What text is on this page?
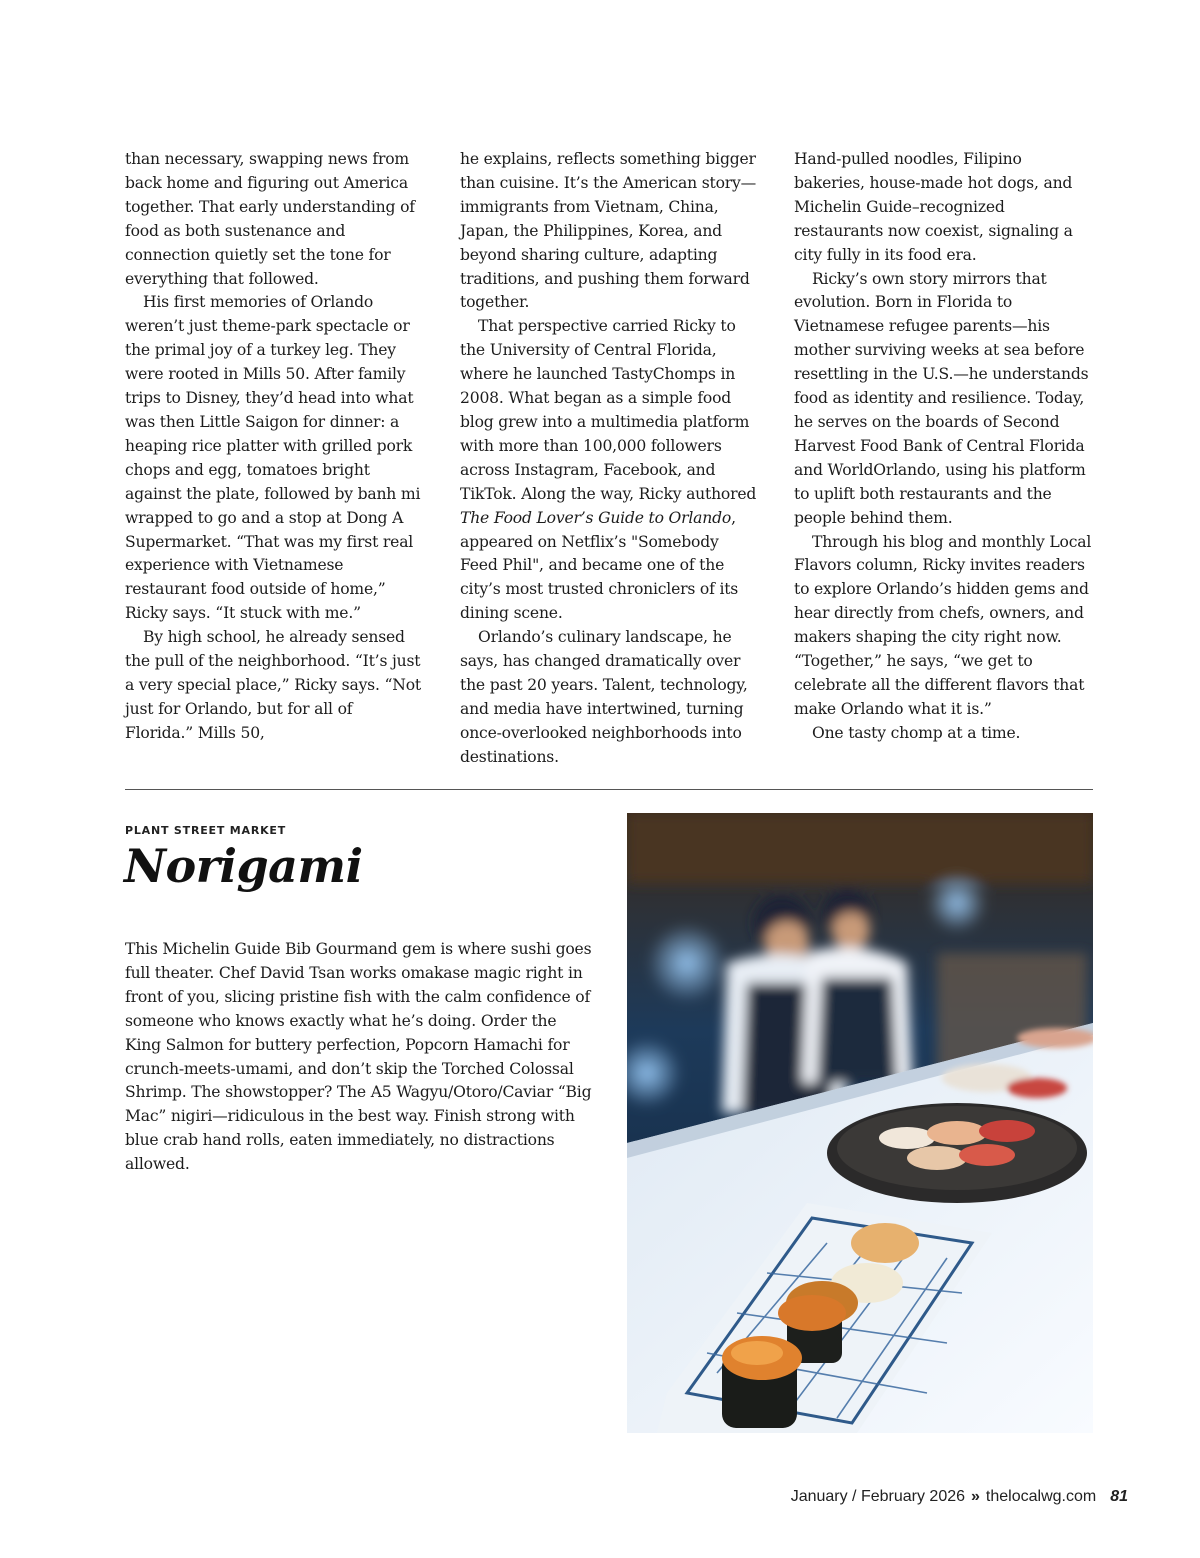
than necessary, swapping news from back home and figuring out America together. That early understanding of food as both sustenance and connection quietly set the tone for everything that followed.

His first memories of Orlando weren’t just theme-park spectacle or the primal joy of a turkey leg. They were rooted in Mills 50. After family trips to Disney, they’d head into what was then Little Saigon for dinner: a heaping rice platter with grilled pork chops and egg, tomatoes bright against the plate, followed by banh mi wrapped to go and a stop at Dong A Supermarket. “That was my first real experience with Vietnamese restaurant food outside of home,” Ricky says. “It stuck with me.”

By high school, he already sensed the pull of the neighborhood. “It’s just a very special place,” Ricky says. “Not just for Orlando, but for all of Florida.” Mills 50,

he explains, reflects something bigger than cuisine. It’s the American story—immigrants from Vietnam, China, Japan, the Philippines, Korea, and beyond sharing culture, adapting traditions, and pushing them forward together.

That perspective carried Ricky to the University of Central Florida, where he launched TastyChomps in 2008. What began as a simple food blog grew into a multimedia platform with more than 100,000 followers across Instagram, Facebook, and TikTok. Along the way, Ricky authored The Food Lover’s Guide to Orlando, appeared on Netflix’s "Somebody Feed Phil", and became one of the city’s most trusted chroniclers of its dining scene.

Orlando’s culinary landscape, he says, has changed dramatically over the past 20 years. Talent, technology, and media have intertwined, turning once-overlooked neighborhoods into destinations.

Hand-pulled noodles, Filipino bakeries, house-made hot dogs, and Michelin Guide–recognized restaurants now coexist, signaling a city fully in its food era.

Ricky’s own story mirrors that evolution. Born in Florida to Vietnamese refugee parents—his mother surviving weeks at sea before resettling in the U.S.—he understands food as identity and resilience. Today, he serves on the boards of Second Harvest Food Bank of Central Florida and WorldOrlando, using his platform to uplift both restaurants and the people behind them.

Through his blog and monthly Local Flavors column, Ricky invites readers to explore Orlando’s hidden gems and hear directly from chefs, owners, and makers shaping the city right now. “Together,” he says, “we get to celebrate all the different flavors that make Orlando what it is.”

One tasty chomp at a time.

PLANT STREET MARKET
Norigami

This Michelin Guide Bib Gourmand gem is where sushi goes full theater. Chef David Tsan works omakase magic right in front of you, slicing pristine fish with the calm confidence of someone who knows exactly what he’s doing. Order the King Salmon for buttery perfection, Popcorn Hamachi for crunch-meets-umami, and don’t skip the Torched Colossal Shrimp. The showstopper? The A5 Wagyu/Otoro/Caviar “Big Mac” nigiri—ridiculous in the best way. Finish strong with blue crab hand rolls, eaten immediately, no distractions allowed.

January / February 2026 » thelocalwg.com 81
